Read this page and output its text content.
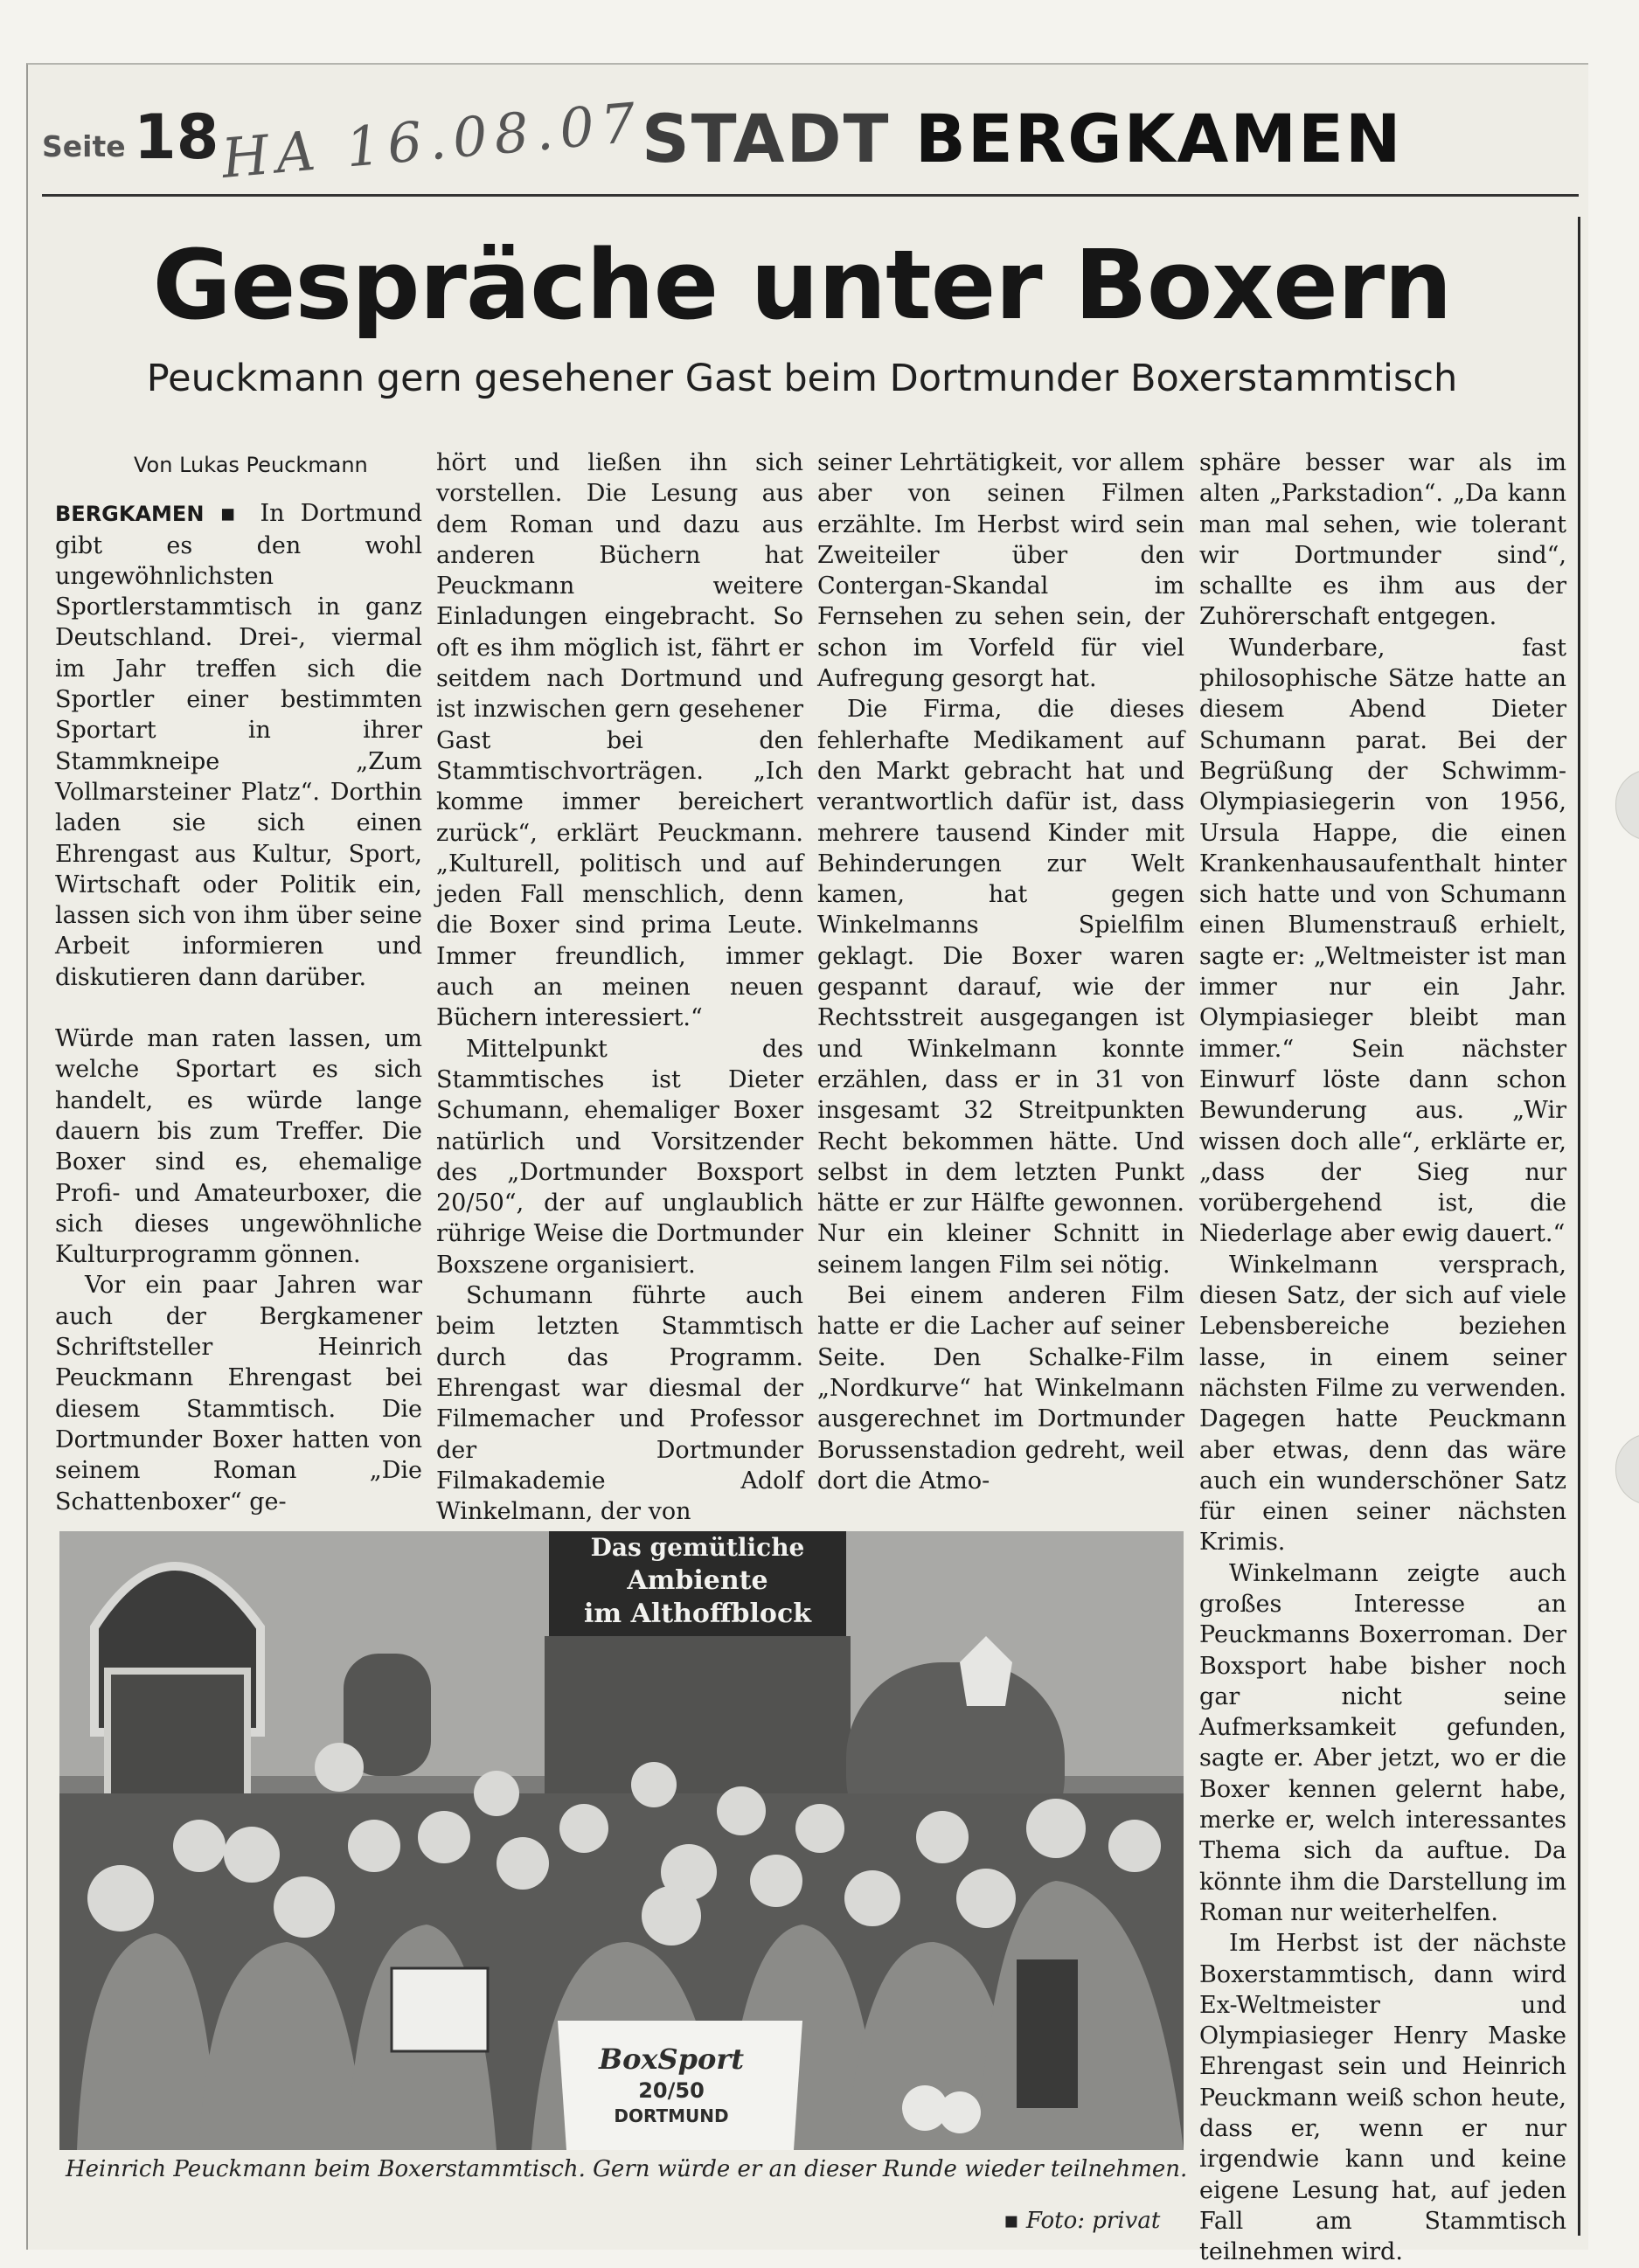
Seite 18 HA 16.08.07
STADT BERGKAMEN
Gespräche unter Boxern
Peuckmann gern gesehener Gast beim Dortmunder Boxerstammtisch

Von Lukas Peuckmann

BERGKAMEN ▪ In Dortmund gibt es den wohl ungewöhnlichsten Sportlerstammtisch in ganz Deutschland. Drei-, viermal im Jahr treffen sich die Sportler einer bestimmten Sportart in ihrer Stammkneipe „Zum Vollmarsteiner Platz“. Dorthin laden sie sich einen Ehrengast aus Kultur, Sport, Wirtschaft oder Politik ein, lassen sich von ihm über seine Arbeit informieren und diskutieren dann darüber.

Würde man raten lassen, um welche Sportart es sich handelt, es würde lange dauern bis zum Treffer. Die Boxer sind es, ehemalige Profi- und Amateurboxer, die sich dieses ungewöhnliche Kulturprogramm gönnen.

Vor ein paar Jahren war auch der Bergkamener Schriftsteller Heinrich Peuckmann Ehrengast bei diesem Stammtisch. Die Dortmunder Boxer hatten von seinem Roman „Die Schattenboxer“ ge-

hört und ließen ihn sich vorstellen. Die Lesung aus dem Roman und dazu aus anderen Büchern hat Peuckmann weitere Einladungen eingebracht. So oft es ihm möglich ist, fährt er seitdem nach Dortmund und ist inzwischen gern gesehener Gast bei den Stammtischvorträgen. „Ich komme immer bereichert zurück“, erklärt Peuckmann. „Kulturell, politisch und auf jeden Fall menschlich, denn die Boxer sind prima Leute. Immer freundlich, immer auch an meinen neuen Büchern interessiert.“

Mittelpunkt des Stammtisches ist Dieter Schumann, ehemaliger Boxer natürlich und Vorsitzender des „Dortmunder Boxsport 20/50“, der auf unglaublich rührige Weise die Dortmunder Boxszene organisiert.

Schumann führte auch beim letzten Stammtisch durch das Programm. Ehrengast war diesmal der Filmemacher und Professor der Dortmunder Filmakademie Adolf Winkelmann, der von

seiner Lehrtätigkeit, vor allem aber von seinen Filmen erzählte. Im Herbst wird sein Zweiteiler über den Contergan-Skandal im Fernsehen zu sehen sein, der schon im Vorfeld für viel Aufregung gesorgt hat.

Die Firma, die dieses fehlerhafte Medikament auf den Markt gebracht hat und verantwortlich dafür ist, dass mehrere tausend Kinder mit Behinderungen zur Welt kamen, hat gegen Winkelmanns Spielfilm geklagt. Die Boxer waren gespannt darauf, wie der Rechtsstreit ausgegangen ist und Winkelmann konnte erzählen, dass er in 31 von insgesamt 32 Streitpunkten Recht bekommen hätte. Und selbst in dem letzten Punkt hätte er zur Hälfte gewonnen. Nur ein kleiner Schnitt in seinem langen Film sei nötig.

Bei einem anderen Film hatte er die Lacher auf seiner Seite. Den Schalke-Film „Nordkurve“ hat Winkelmann ausgerechnet im Dortmunder Borussenstadion gedreht, weil dort die Atmo-

sphäre besser war als im alten „Parkstadion“. „Da kann man mal sehen, wie tolerant wir Dortmunder sind“, schallte es ihm aus der Zuhörerschaft entgegen.

Wunderbare, fast philosophische Sätze hatte an diesem Abend Dieter Schumann parat. Bei der Begrüßung der Schwimm-Olympiasiegerin von 1956, Ursula Happe, die einen Krankenhausaufenthalt hinter sich hatte und von Schumann einen Blumenstrauß erhielt, sagte er: „Weltmeister ist man immer nur ein Jahr. Olympiasieger bleibt man immer.“ Sein nächster Einwurf löste dann schon Bewunderung aus. „Wir wissen doch alle“, erklärte er, „dass der Sieg nur vorübergehend ist, die Niederlage aber ewig dauert.“

Winkelmann versprach, diesen Satz, der sich auf viele Lebensbereiche beziehen lasse, in einem seiner nächsten Filme zu verwenden. Dagegen hatte Peuckmann aber etwas, denn das wäre auch ein wunderschöner Satz für einen seiner nächsten Krimis.

Winkelmann zeigte auch großes Interesse an Peuckmanns Boxerroman. Der Boxsport habe bisher noch gar nicht seine Aufmerksamkeit gefunden, sagte er. Aber jetzt, wo er die Boxer kennen gelernt habe, merke er, welch interessantes Thema sich da auftue. Da könnte ihm die Darstellung im Roman nur weiterhelfen.

Im Herbst ist der nächste Boxerstammtisch, dann wird Ex-Weltmeister und Olympiasieger Henry Maske Ehrengast sein und Heinrich Peuckmann weiß schon heute, dass er, wenn er nur irgendwie kann und keine eigene Lesung hat, auf jeden Fall am Stammtisch teilnehmen wird.

Das gemütliche
Ambiente
im Althoffblock
BoxSport
20/50
DORTMUND
Heinrich Peuckmann beim Boxerstammtisch. Gern würde er an dieser Runde wieder teilnehmen.
▪ Foto: privat
